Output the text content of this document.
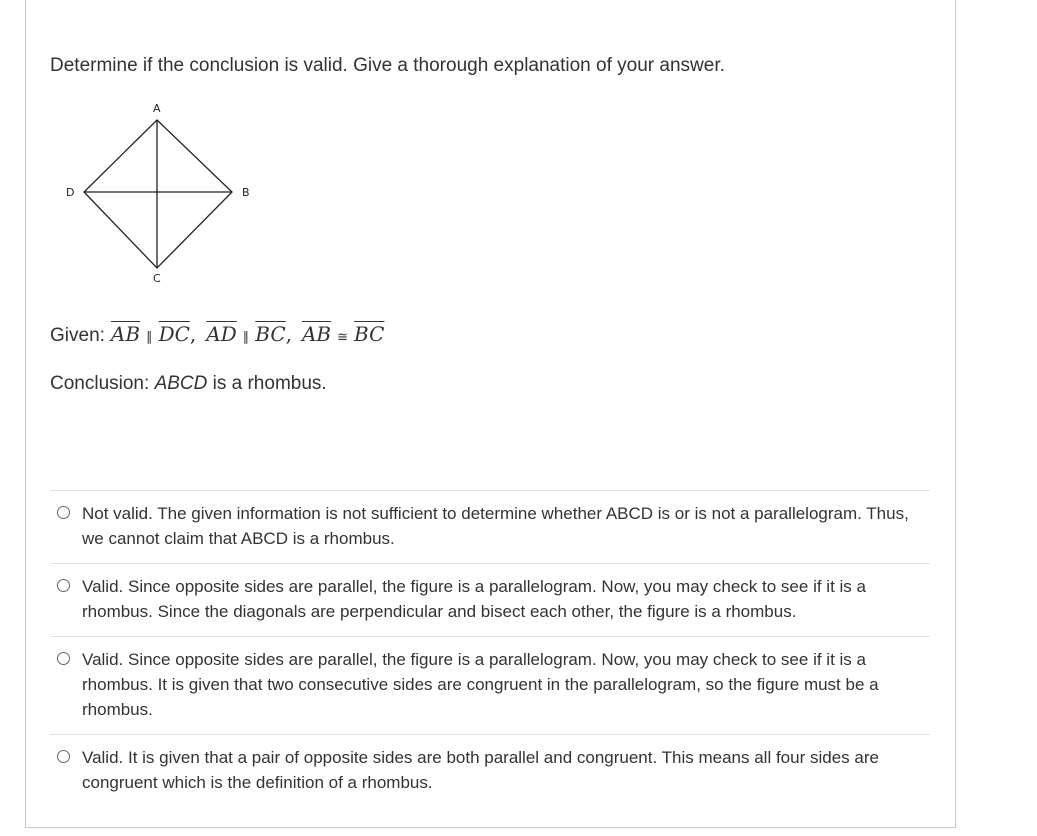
Determine if the conclusion is valid. Give a thorough explanation of your answer.
A
B
C
D
Given: $\overline{AB}$ ∥ $\overline{DC}$, $\overline{AD}$ ∥ $\overline{BC}$, $\overline{AB}$ ≅ $\overline{BC}$
Conclusion: ABCD is a rhombus.
Not valid. The given information is not sufficient to determine whether ABCD is or is not a parallelogram. Thus, we cannot claim that ABCD is a rhombus.
Valid. Since opposite sides are parallel, the figure is a parallelogram. Now, you may check to see if it is a rhombus. Since the diagonals are perpendicular and bisect each other, the figure is a rhombus.
Valid. Since opposite sides are parallel, the figure is a parallelogram. Now, you may check to see if it is a rhombus. It is given that two consecutive sides are congruent in the parallelogram, so the figure must be a rhombus.
Valid. It is given that a pair of opposite sides are both parallel and congruent. This means all four sides are congruent which is the definition of a rhombus.
